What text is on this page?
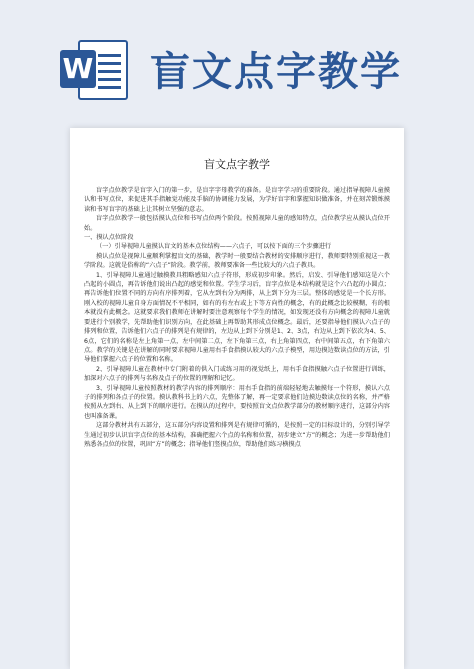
W 盲文点字教学
盲文点字教学

盲字点位教学是盲字入门的第一步，是盲字字母教学的准备。是盲字学习的重要阶段。通过指导视障儿童摸认和书写点位，来促进其手指触觉功能及手脑的协调能力发展，为学好盲字和掌握知识做准备，并在刻苦锻炼摸读和书写盲字的基础上让其树立坚强的意志。

盲字点位教学一般包括摸认点位和书写点位两个阶段。按照视障儿童的感知特点，点位教学应从摸认点位开始。

一、摸认点位阶段

（一）引导视障儿童摸认盲文的基本点位结构——六点子，可以按下面的三个步骤进行

摸认点位是视障儿童顺利掌握盲文的基础，教学时一般要结合教材的安排顺序进行，教师要特别重视这一教学阶段。这就是俗称的“六点子”阶段。教学前，教师要准备一些比较大的六点子教具。

1、引导视障儿童通过触摸教具粗略感知六点子符形，形成初步印象。然后，启发、引导他们感知这是六个凸起的小圆点，再告诉他们说出凸起的感觉和位置。学生学习后，盲字点位是本结构就是这个六凸起的小圆点；再告诉他们位置不同的方向有序排列着，它从左到右分为两排，从上到下分为三层。整体的感觉是一个长方形。刚入校的视障儿童自身方面情况不平相同，如有的有左右或上下等方向性的概念，有的此概念比较模糊，有的根本就没有此概念。这就要求我们教师在讲解时要注意观察每个学生的情况，如发现还没有方向概念的视障儿童就要进行个别教学，先帮助他们识别方向，在此基础上再帮助其形成点位概念。最后，还要指导他们摸认六点子的排列和位置，告诉他们六点子的排列是有规律的，左边从上到下分别是1、2、3点，右边从上到下依次为4、5、6点，它们的名称是左上角第一点，左中间第二点，左下角第三点，右上角第四点，右中间第五点，右下角第六点。教学的关键是在讲解的同时要求视障儿童用右手食指摸认较大的六点子模型，用边摸边数读点位的方法，引导他们掌握六点子的位置和名称。

2、引导视障儿童在教材中专门附着的供入门或练习用的视觉纸上，用右手食指摸触六点子位置进行训练，加深对六点子的排列与名称及点子的位置的理解和记忆。

3、引导视障儿童按照教材的教学内容的排列顺序：用右手食指的前端轻轻地去触摸每一个符形，摸认六点子的排列和各点子的位置。摸认教科书上的六点，先整体了解，再一定要求他们边摸边数读点位的名称，并严格按照从左到右、从上到下的顺序进行。在摸认的过程中，要按照盲文点位教学部分的教材顺序进行，这部分内容也叫准备课。

这部分教材共有五部分，这五部分内容设置和排列是有规律可循的，是按照一定的目标设计的，分别引导学生通过初步认识盲字点位的基本结构，准确把握六个点的名称和位置，初步建立“方”的概念；为进一步帮助他们熟悉各点位的位置，巩固“方”的概念；指导他们竖摸点位，帮助他们练习横摸点
